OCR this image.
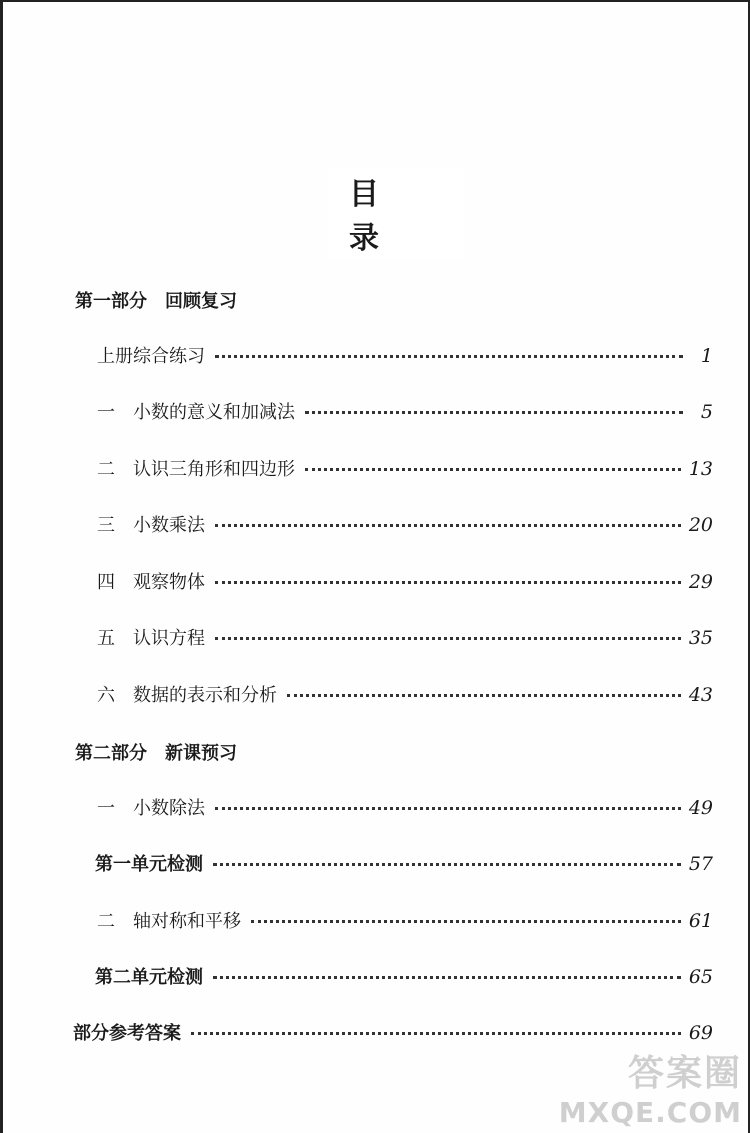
目录
第一部分　回顾复习
上册综合练习	1
一　小数的意义和加减法	5
二　认识三角形和四边形	13
三　小数乘法	20
四　观察物体	29
五　认识方程	35
六　数据的表示和分析	43
第二部分　新课预习
一　小数除法	49
第一单元检测	57
二　轴对称和平移	61
第二单元检测	65
部分参考答案	69
答案圈
MXQE.COM
